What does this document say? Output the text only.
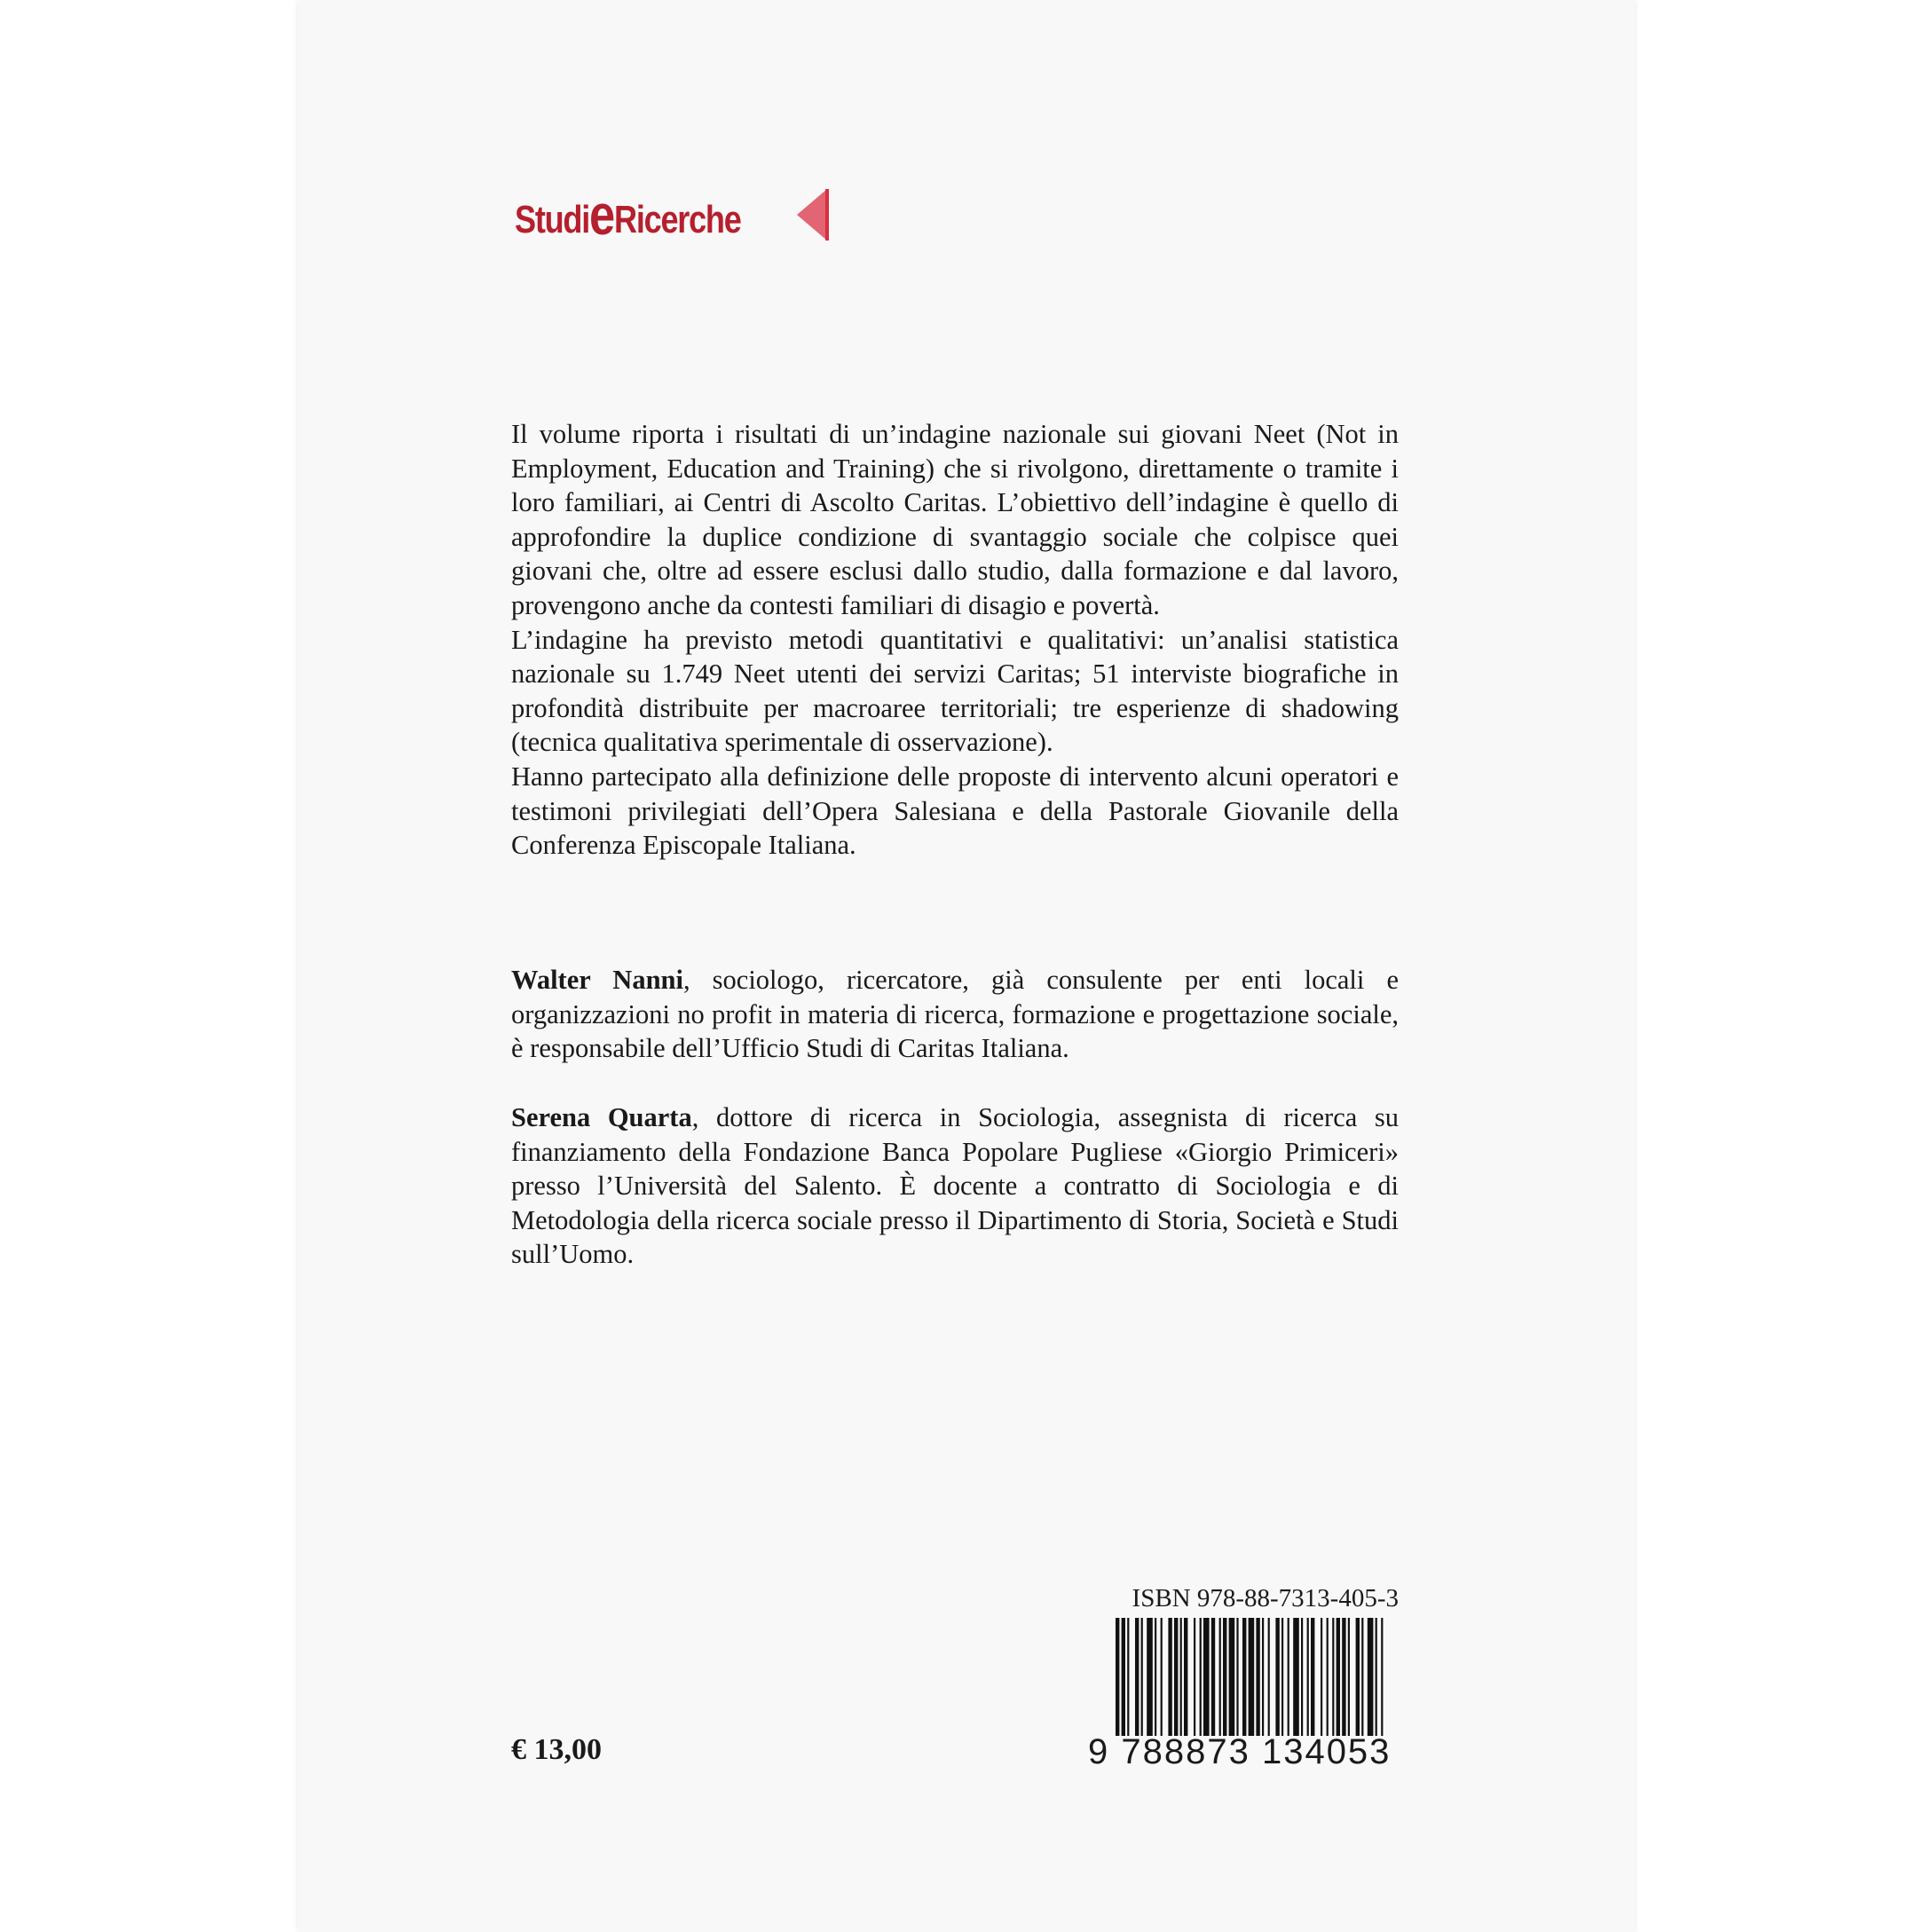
StudieRicerche

Il volume riporta i risultati di un’indagine nazionale sui giovani Neet (Not in Employment, Education and Training) che si rivolgono, direttamente o tramite i loro familiari, ai Centri di Ascolto Caritas. L’obiettivo dell’indagine è quello di approfondire la duplice condizione di svantaggio sociale che colpisce quei giovani che, oltre ad essere esclusi dallo studio, dalla formazione e dal lavoro, provengono anche da contesti familiari di disagio e povertà.

L’indagine ha previsto metodi quantitativi e qualitativi: un’analisi statistica nazionale su 1.749 Neet utenti dei servizi Caritas; 51 interviste biografiche in profondità distribuite per macroaree territoriali; tre esperienze di shadowing (tecnica qualitativa sperimentale di osservazione).

Hanno partecipato alla definizione delle proposte di intervento alcuni operatori e testimoni privilegiati dell’Opera Salesiana e della Pastorale Giovanile della Conferenza Episcopale Italiana.

Walter Nanni, sociologo, ricercatore, già consulente per enti locali e organizzazioni no profit in materia di ricerca, formazione e progettazione sociale, è responsabile dell’Ufficio Studi di Caritas Italiana.

Serena Quarta, dottore di ricerca in Sociologia, assegnista di ricerca su finanziamento della Fondazione Banca Popolare Pugliese «Giorgio Primiceri» presso l’Università del Salento. È docente a contratto di Sociologia e di Metodologia della ricerca sociale presso il Dipartimento di Storia, Società e Studi sull’Uomo.

ISBN 978-88-7313-405-3
9 788873 134053
€ 13,00
